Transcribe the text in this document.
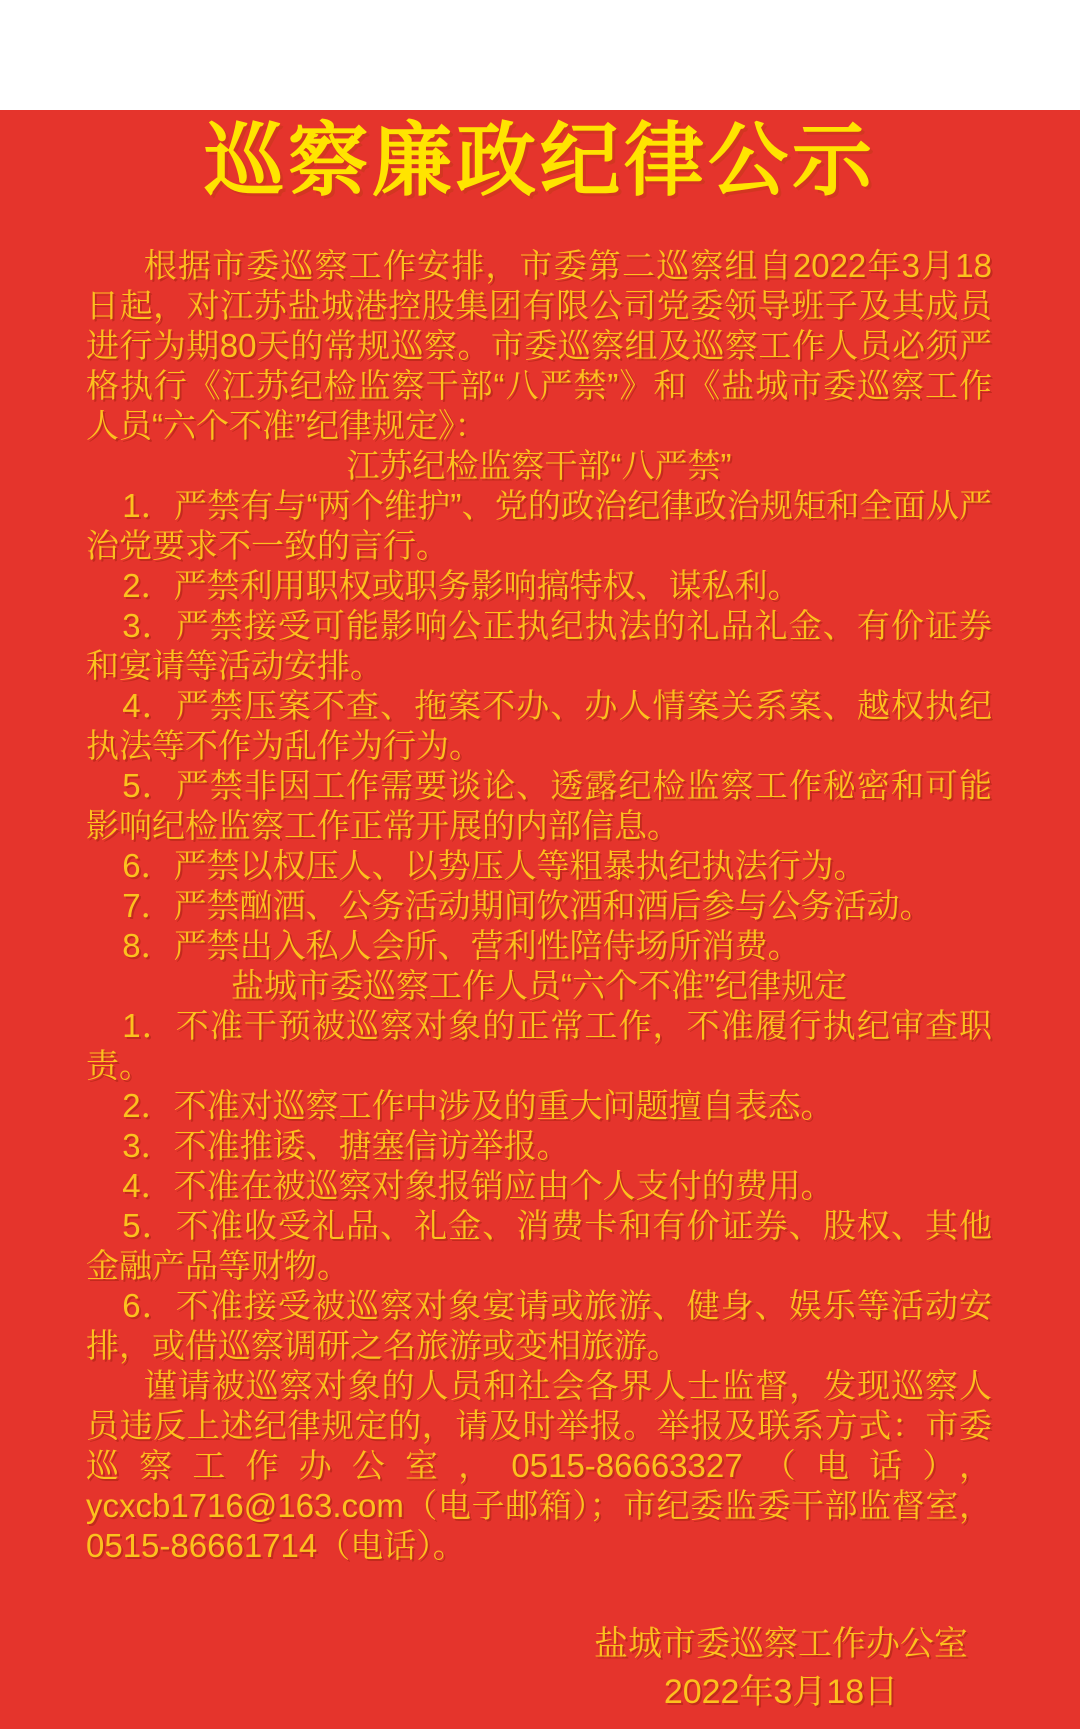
巡察廉政纪律公示

根据市委巡察工作安排，市委第二巡察组自2022年3月18日起，对江苏盐城港控股集团有限公司党委领导班子及其成员进行为期80天的常规巡察。市委巡察组及巡察工作人员必须严格执行《江苏纪检监察干部“八严禁”》和《盐城市委巡察工作人员“六个不准”纪律规定》：

江苏纪检监察干部“八严禁”

1．严禁有与“两个维护”、党的政治纪律政治规矩和全面从严治党要求不一致的言行。

2．严禁利用职权或职务影响搞特权、谋私利。

3．严禁接受可能影响公正执纪执法的礼品礼金、有价证券和宴请等活动安排。

4．严禁压案不查、拖案不办、办人情案关系案、越权执纪执法等不作为乱作为行为。

5．严禁非因工作需要谈论、透露纪检监察工作秘密和可能影响纪检监察工作正常开展的内部信息。

6．严禁以权压人、以势压人等粗暴执纪执法行为。

7．严禁酗酒、公务活动期间饮酒和酒后参与公务活动。

8．严禁出入私人会所、营利性陪侍场所消费。

盐城市委巡察工作人员“六个不准”纪律规定

1．不准干预被巡察对象的正常工作，不准履行执纪审查职责。

2．不准对巡察工作中涉及的重大问题擅自表态。

3．不准推诿、搪塞信访举报。

4．不准在被巡察对象报销应由个人支付的费用。

5．不准收受礼品、礼金、消费卡和有价证券、股权、其他金融产品等财物。

6．不准接受被巡察对象宴请或旅游、健身、娱乐等活动安排，或借巡察调研之名旅游或变相旅游。

谨请被巡察对象的人员和社会各界人士监督，发现巡察人员违反上述纪律规定的，请及时举报。举报及联系方式：市委巡察工作办公室，0515-86663327（电话），ycxcb1716@163.com（电子邮箱）；市纪委监委干部监督室，0515-86661714（电话）。

盐城市委巡察工作办公室

2022年3月18日
